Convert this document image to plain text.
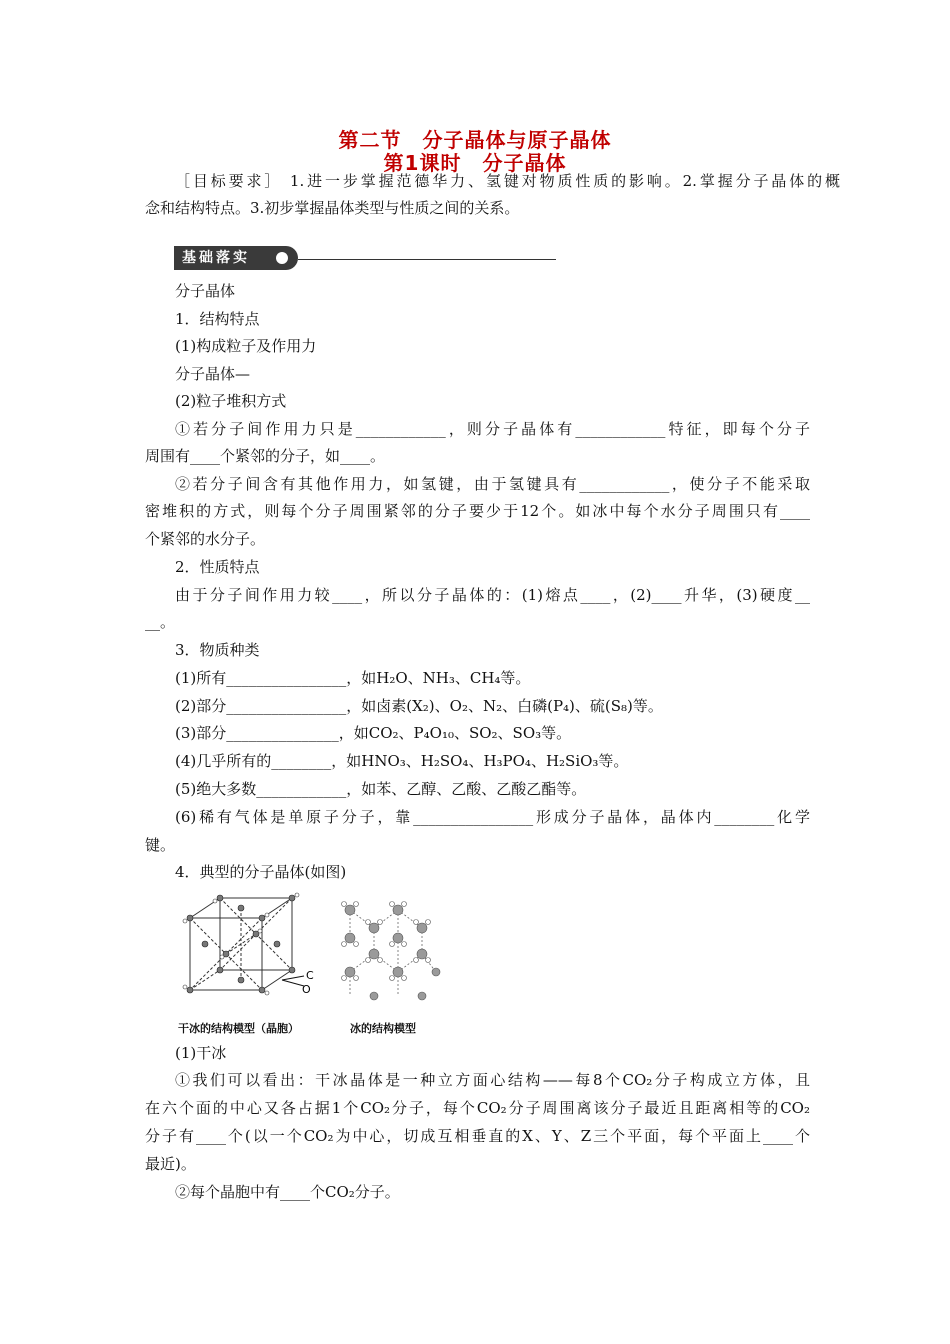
第二节　分子晶体与原子晶体
第1课时　分子晶体
［目标要求］ 1.进一步掌握范德华力、氢键对物质性质的影响。2.掌握分子晶体的概
念和结构特点。3.初步掌握晶体类型与性质之间的关系。
基础落实
分子晶体
1．结构特点
(1)构成粒子及作用力
分子晶体—
(2)粒子堆积方式
①若分子间作用力只是____________，则分子晶体有____________特征，即每个分子
周围有____个紧邻的分子，如____。
②若分子间含有其他作用力，如氢键，由于氢键具有____________，使分子不能采取
密堆积的方式，则每个分子周围紧邻的分子要少于12个。如冰中每个水分子周围只有____
个紧邻的水分子。
2．性质特点
由于分子间作用力较____，所以分子晶体的：(1)熔点____，(2)____升华，(3)硬度__
__。
3．物质种类
(1)所有________________，如H₂O、NH₃、CH₄等。
(2)部分________________，如卤素(X₂)、O₂、N₂、白磷(P₄)、硫(S₈)等。
(3)部分_______________，如CO₂、P₄O₁₀、SO₂、SO₃等。
(4)几乎所有的________，如HNO₃、H₂SO₄、H₃PO₄、H₂SiO₃等。
(5)绝大多数____________，如苯、乙醇、乙酸、乙酸乙酯等。
(6)稀有气体是单原子分子，靠________________形成分子晶体，晶体内________化学
键。
4．典型的分子晶体(如图)
C
O
干冰的结构模型（晶胞）	冰的结构模型
(1)干冰
①我们可以看出：干冰晶体是一种立方面心结构——每8个CO₂分子构成立方体，且
在六个面的中心又各占据1个CO₂分子，每个CO₂分子周围离该分子最近且距离相等的CO₂
分子有____个(以一个CO₂为中心，切成互相垂直的X、Y、Z三个平面，每个平面上____个
最近)。
②每个晶胞中有____个CO₂分子。
